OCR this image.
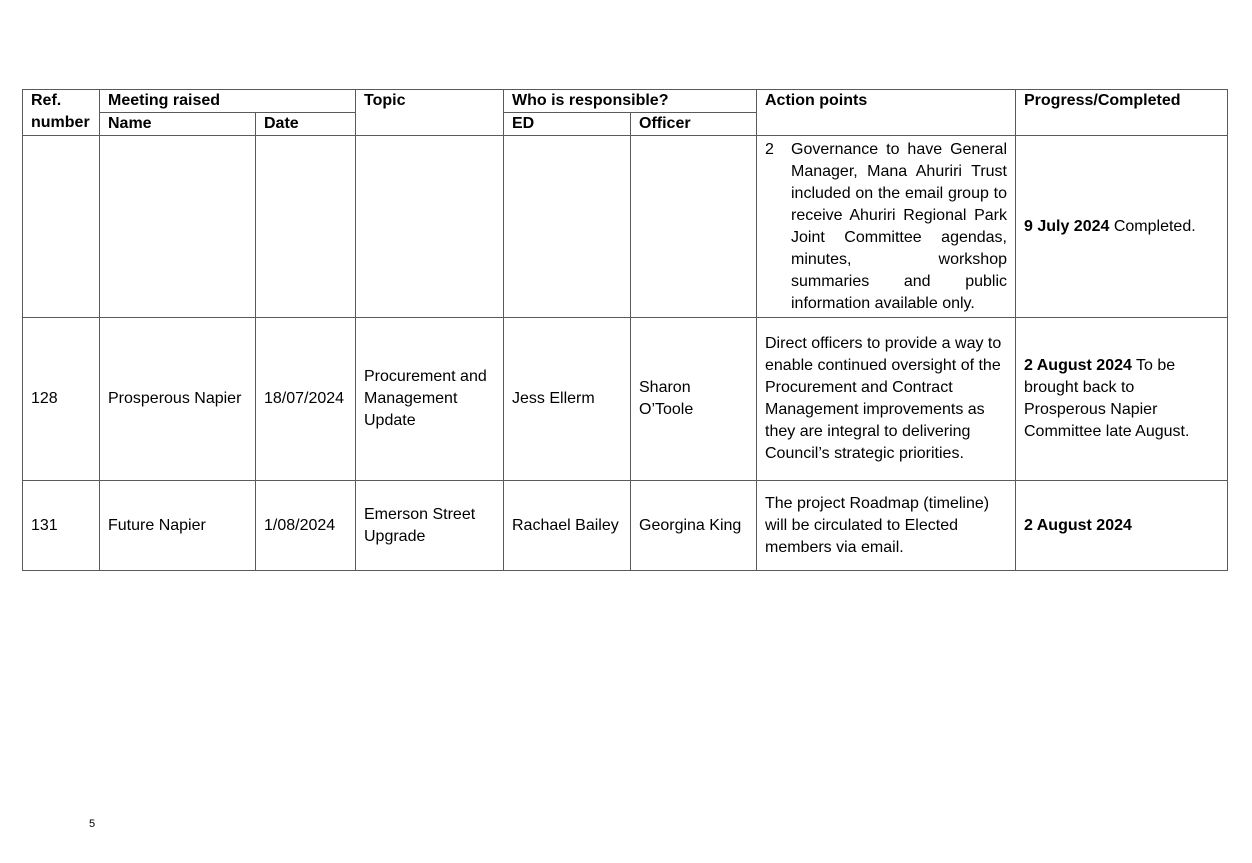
Ref. number	Meeting raised		Topic	Who is responsible?		Action points	Progress/Completed
	Name	Date		ED	Officer		

						2 Governance to have General Manager, Mana Ahuriri Trust included on the email group to receive Ahuriri Regional Park Joint Committee agendas, minutes, workshop summaries and public information available only.	9 July 2024 Completed.
128	Prosperous Napier	18/07/2024	Procurement and Management Update	Jess Ellerm	Sharon O’Toole	Direct officers to provide a way to enable continued oversight of the Procurement and Contract Management improvements as they are integral to delivering Council’s strategic priorities.	2 August 2024 To be brought back to Prosperous Napier Committee late August.
131	Future Napier	1/08/2024	Emerson Street Upgrade	Rachael Bailey	Georgina King	The project Roadmap (timeline) will be circulated to Elected members via email.	2 August 2024
5
